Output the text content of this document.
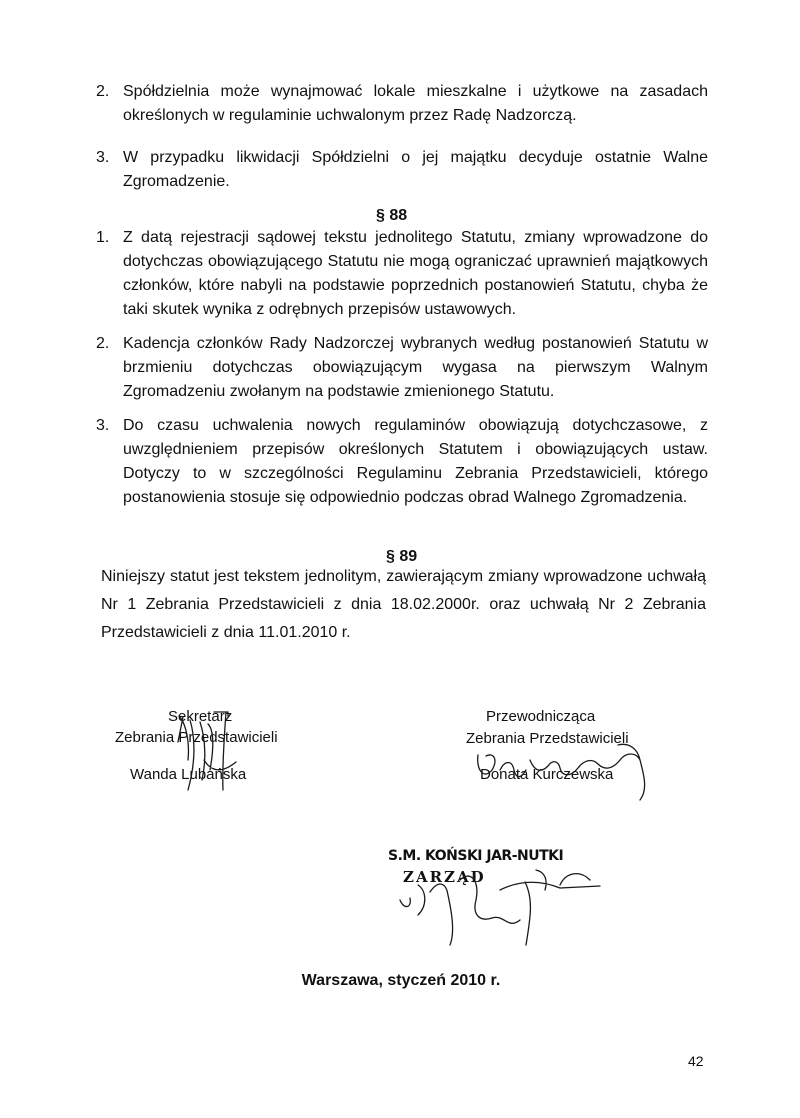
2. Spółdzielnia może wynajmować lokale mieszkalne i użytkowe na zasadach określonych w regulaminie uchwalonym przez Radę Nadzorczą.
3. W przypadku likwidacji Spółdzielni o jej majątku decyduje ostatnie Walne Zgromadzenie.
§ 88
1. Z datą rejestracji sądowej tekstu jednolitego Statutu, zmiany wprowadzone do dotychczas obowiązującego Statutu nie mogą ograniczać uprawnień majątkowych członków, które nabyli na podstawie poprzednich postanowień Statutu, chyba że taki skutek wynika z odrębnych przepisów ustawowych.
2. Kadencja członków Rady Nadzorczej wybranych według postanowień Statutu w brzmieniu dotychczas obowiązującym wygasa na pierwszym Walnym Zgromadzeniu zwołanym na podstawie zmienionego Statutu.
3. Do czasu uchwalenia nowych regulaminów obowiązują dotychczasowe, z uwzględnieniem przepisów określonych Statutem i obowiązujących ustaw. Dotyczy to w szczególności Regulaminu Zebrania Przedstawicieli, którego postanowienia stosuje się odpowiednio podczas obrad Walnego Zgromadzenia.
§ 89
Niniejszy statut jest tekstem jednolitym, zawierającym zmiany wprowadzone uchwałą
Nr 1 Zebrania Przedstawicieli z dnia 18.02.2000r. oraz uchwałą Nr 2 Zebrania
Przedstawicieli z dnia 11.01.2010 r.
Sekretarz
Zebrania Przedstawicieli
Wanda Lubańska
Przewodnicząca
Zebrania Przedstawicieli
Donata Kurczewska
S.M. KOŃSKI JAR-NUTKI
ZARZĄD
Warszawa, styczeń 2010 r.
42
